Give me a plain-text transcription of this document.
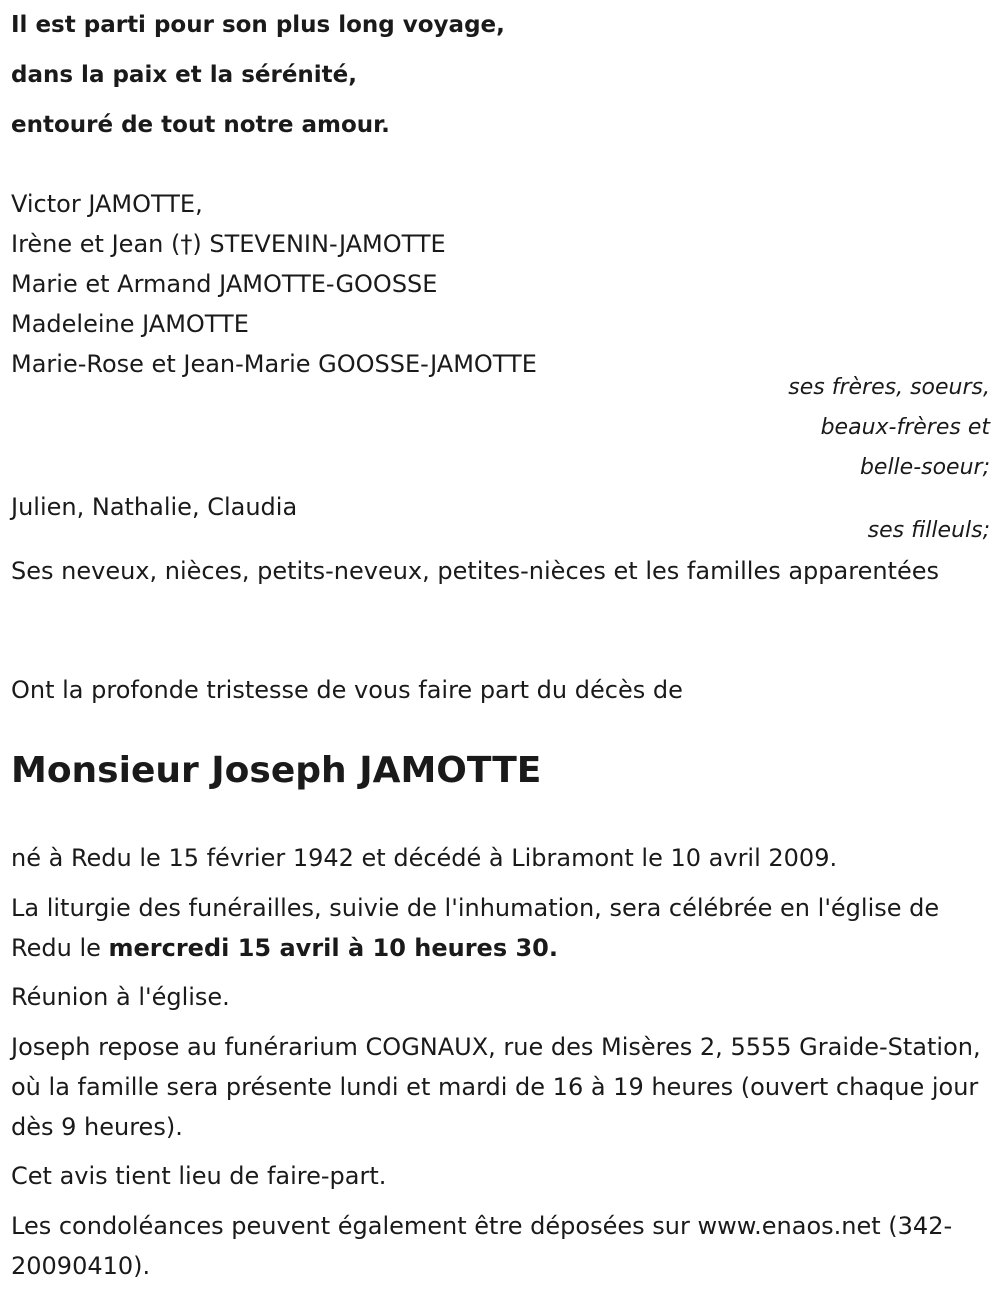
Il est parti pour son plus long voyage,
dans la paix et la sérénité,
entouré de tout notre amour.
Victor JAMOTTE,
Irène et Jean (†) STEVENIN-JAMOTTE
Marie et Armand JAMOTTE-GOOSSE
Madeleine JAMOTTE
Marie-Rose et Jean-Marie GOOSSE-JAMOTTE
ses frères, soeurs,
beaux-frères et
belle-soeur;
Julien, Nathalie, Claudia
ses filleuls;
Ses neveux, nièces, petits-neveux, petites-nièces et les familles apparentées
Ont la profonde tristesse de vous faire part du décès de
Monsieur Joseph JAMOTTE
né à Redu le 15 février 1942 et décédé à Libramont le 10 avril 2009.
La liturgie des funérailles, suivie de l'inhumation, sera célébrée en l'église de Redu le mercredi 15 avril à 10 heures 30.
Réunion à l'église.
Joseph repose au funérarium COGNAUX, rue des Misères 2, 5555 Graide-Station, où la famille sera présente lundi et mardi de 16 à 19 heures (ouvert chaque jour dès 9 heures).
Cet avis tient lieu de faire-part.
Les condoléances peuvent également être déposées sur www.enaos.net (342-20090410).
